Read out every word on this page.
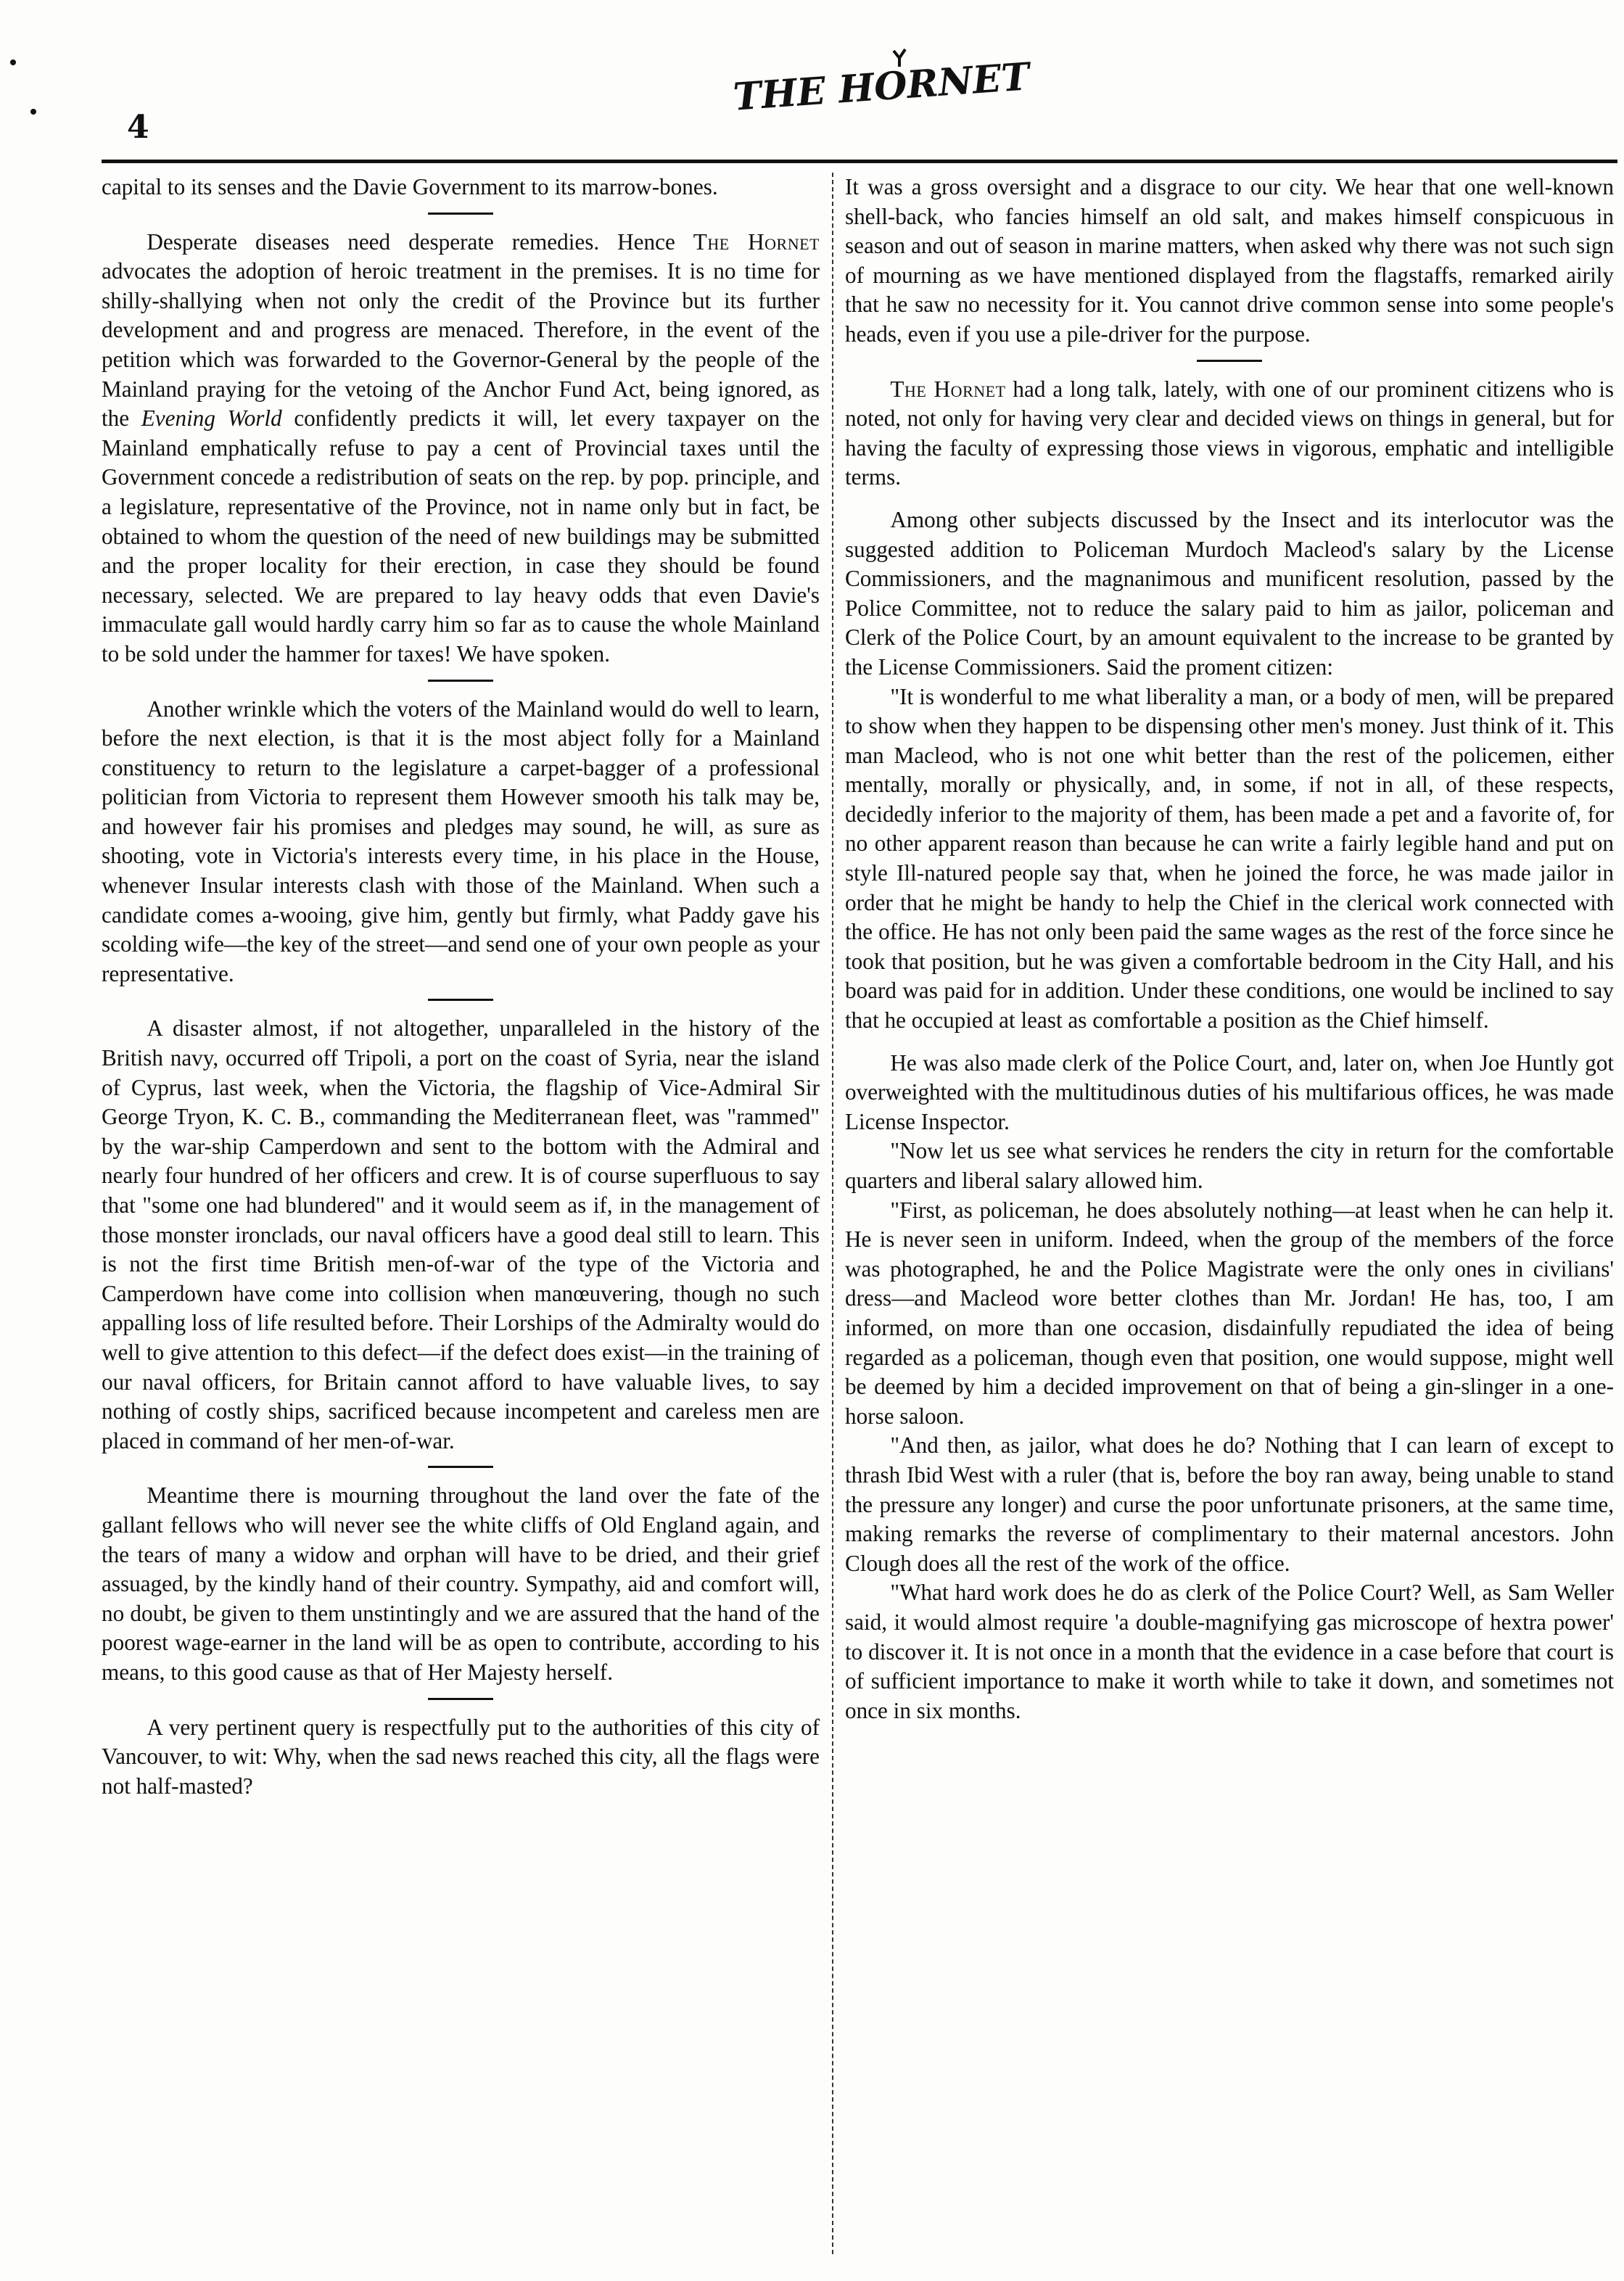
THE HORNET
4

capital to its senses and the Davie Government to its marrow-bones.

Desperate diseases need desperate remedies. Hence The Hornet advocates the adoption of heroic treatment in the premises. It is no time for shilly-shallying when not only the credit of the Province but its further development and and progress are menaced. Therefore, in the event of the petition which was forwarded to the Governor-General by the people of the Mainland praying for the vetoing of the Anchor Fund Act, being ignored, as the Evening World confidently predicts it will, let every taxpayer on the Mainland emphatically refuse to pay a cent of Provincial taxes until the Government concede a redistribution of seats on the rep. by pop. principle, and a legislature, representative of the Province, not in name only but in fact, be obtained to whom the question of the need of new buildings may be submitted and the proper locality for their erection, in case they should be found necessary, selected. We are prepared to lay heavy odds that even Davie's immaculate gall would hardly carry him so far as to cause the whole Mainland to be sold under the hammer for taxes! We have spoken.

Another wrinkle which the voters of the Mainland would do well to learn, before the next election, is that it is the most abject folly for a Mainland constituency to return to the legislature a carpet-bagger of a professional politician from Victoria to represent them However smooth his talk may be, and however fair his promises and pledges may sound, he will, as sure as shooting, vote in Victoria's interests every time, in his place in the House, whenever Insular interests clash with those of the Mainland. When such a candidate comes a-wooing, give him, gently but firmly, what Paddy gave his scolding wife—the key of the street—and send one of your own people as your representative.

A disaster almost, if not altogether, unparalleled in the history of the British navy, occurred off Tripoli, a port on the coast of Syria, near the island of Cyprus, last week, when the Victoria, the flagship of Vice-Admiral Sir George Tryon, K. C. B., commanding the Mediterranean fleet, was "rammed" by the war-ship Camperdown and sent to the bottom with the Admiral and nearly four hundred of her officers and crew. It is of course superfluous to say that "some one had blundered" and it would seem as if, in the management of those monster ironclads, our naval officers have a good deal still to learn. This is not the first time British men-of-war of the type of the Victoria and Camperdown have come into collision when manœuvering, though no such appalling loss of life resulted before. Their Lorships of the Admiralty would do well to give attention to this defect—if the defect does exist—in the training of our naval officers, for Britain cannot afford to have valuable lives, to say nothing of costly ships, sacrificed because incompetent and careless men are placed in command of her men-of-war.

Meantime there is mourning throughout the land over the fate of the gallant fellows who will never see the white cliffs of Old England again, and the tears of many a widow and orphan will have to be dried, and their grief assuaged, by the kindly hand of their country. Sympathy, aid and comfort will, no doubt, be given to them unstintingly and we are assured that the hand of the poorest wage-earner in the land will be as open to contribute, according to his means, to this good cause as that of Her Majesty herself.

A very pertinent query is respectfully put to the authorities of this city of Vancouver, to wit: Why, when the sad news reached this city, all the flags were not half-masted?

It was a gross oversight and a disgrace to our city. We hear that one well-known shell-back, who fancies himself an old salt, and makes himself conspicuous in season and out of season in marine matters, when asked why there was not such sign of mourning as we have mentioned displayed from the flagstaffs, remarked airily that he saw no necessity for it. You cannot drive common sense into some people's heads, even if you use a pile-driver for the purpose.

The Hornet had a long talk, lately, with one of our prominent citizens who is noted, not only for having very clear and decided views on things in general, but for having the faculty of expressing those views in vigorous, emphatic and intelligible terms.

Among other subjects discussed by the Insect and its interlocutor was the suggested addition to Policeman Murdoch Macleod's salary by the License Commissioners, and the magnanimous and munificent resolution, passed by the Police Committee, not to reduce the salary paid to him as jailor, policeman and Clerk of the Police Court, by an amount equivalent to the increase to be granted by the License Commissioners. Said the proment citizen:

"It is wonderful to me what liberality a man, or a body of men, will be prepared to show when they happen to be dispensing other men's money. Just think of it. This man Macleod, who is not one whit better than the rest of the policemen, either mentally, morally or physically, and, in some, if not in all, of these respects, decidedly inferior to the majority of them, has been made a pet and a favorite of, for no other apparent reason than because he can write a fairly legible hand and put on style Ill-natured people say that, when he joined the force, he was made jailor in order that he might be handy to help the Chief in the clerical work connected with the office. He has not only been paid the same wages as the rest of the force since he took that position, but he was given a comfortable bedroom in the City Hall, and his board was paid for in addition. Under these conditions, one would be inclined to say that he occupied at least as comfortable a position as the Chief himself.

He was also made clerk of the Police Court, and, later on, when Joe Huntly got overweighted with the multitudinous duties of his multifarious offices, he was made License Inspector.

"Now let us see what services he renders the city in return for the comfortable quarters and liberal salary allowed him.

"First, as policeman, he does absolutely nothing—at least when he can help it. He is never seen in uniform. Indeed, when the group of the members of the force was photographed, he and the Police Magistrate were the only ones in civilians' dress—and Macleod wore better clothes than Mr. Jordan! He has, too, I am informed, on more than one occasion, disdainfully repudiated the idea of being regarded as a policeman, though even that position, one would suppose, might well be deemed by him a decided improvement on that of being a gin-slinger in a one-horse saloon.

"And then, as jailor, what does he do? Nothing that I can learn of except to thrash Ibid West with a ruler (that is, before the boy ran away, being unable to stand the pressure any longer) and curse the poor unfortunate prisoners, at the same time, making remarks the reverse of complimentary to their maternal ancestors. John Clough does all the rest of the work of the office.

"What hard work does he do as clerk of the Police Court? Well, as Sam Weller said, it would almost require 'a double-magnifying gas microscope of hextra power' to discover it. It is not once in a month that the evidence in a case before that court is of sufficient importance to make it worth while to take it down, and sometimes not once in six months.
